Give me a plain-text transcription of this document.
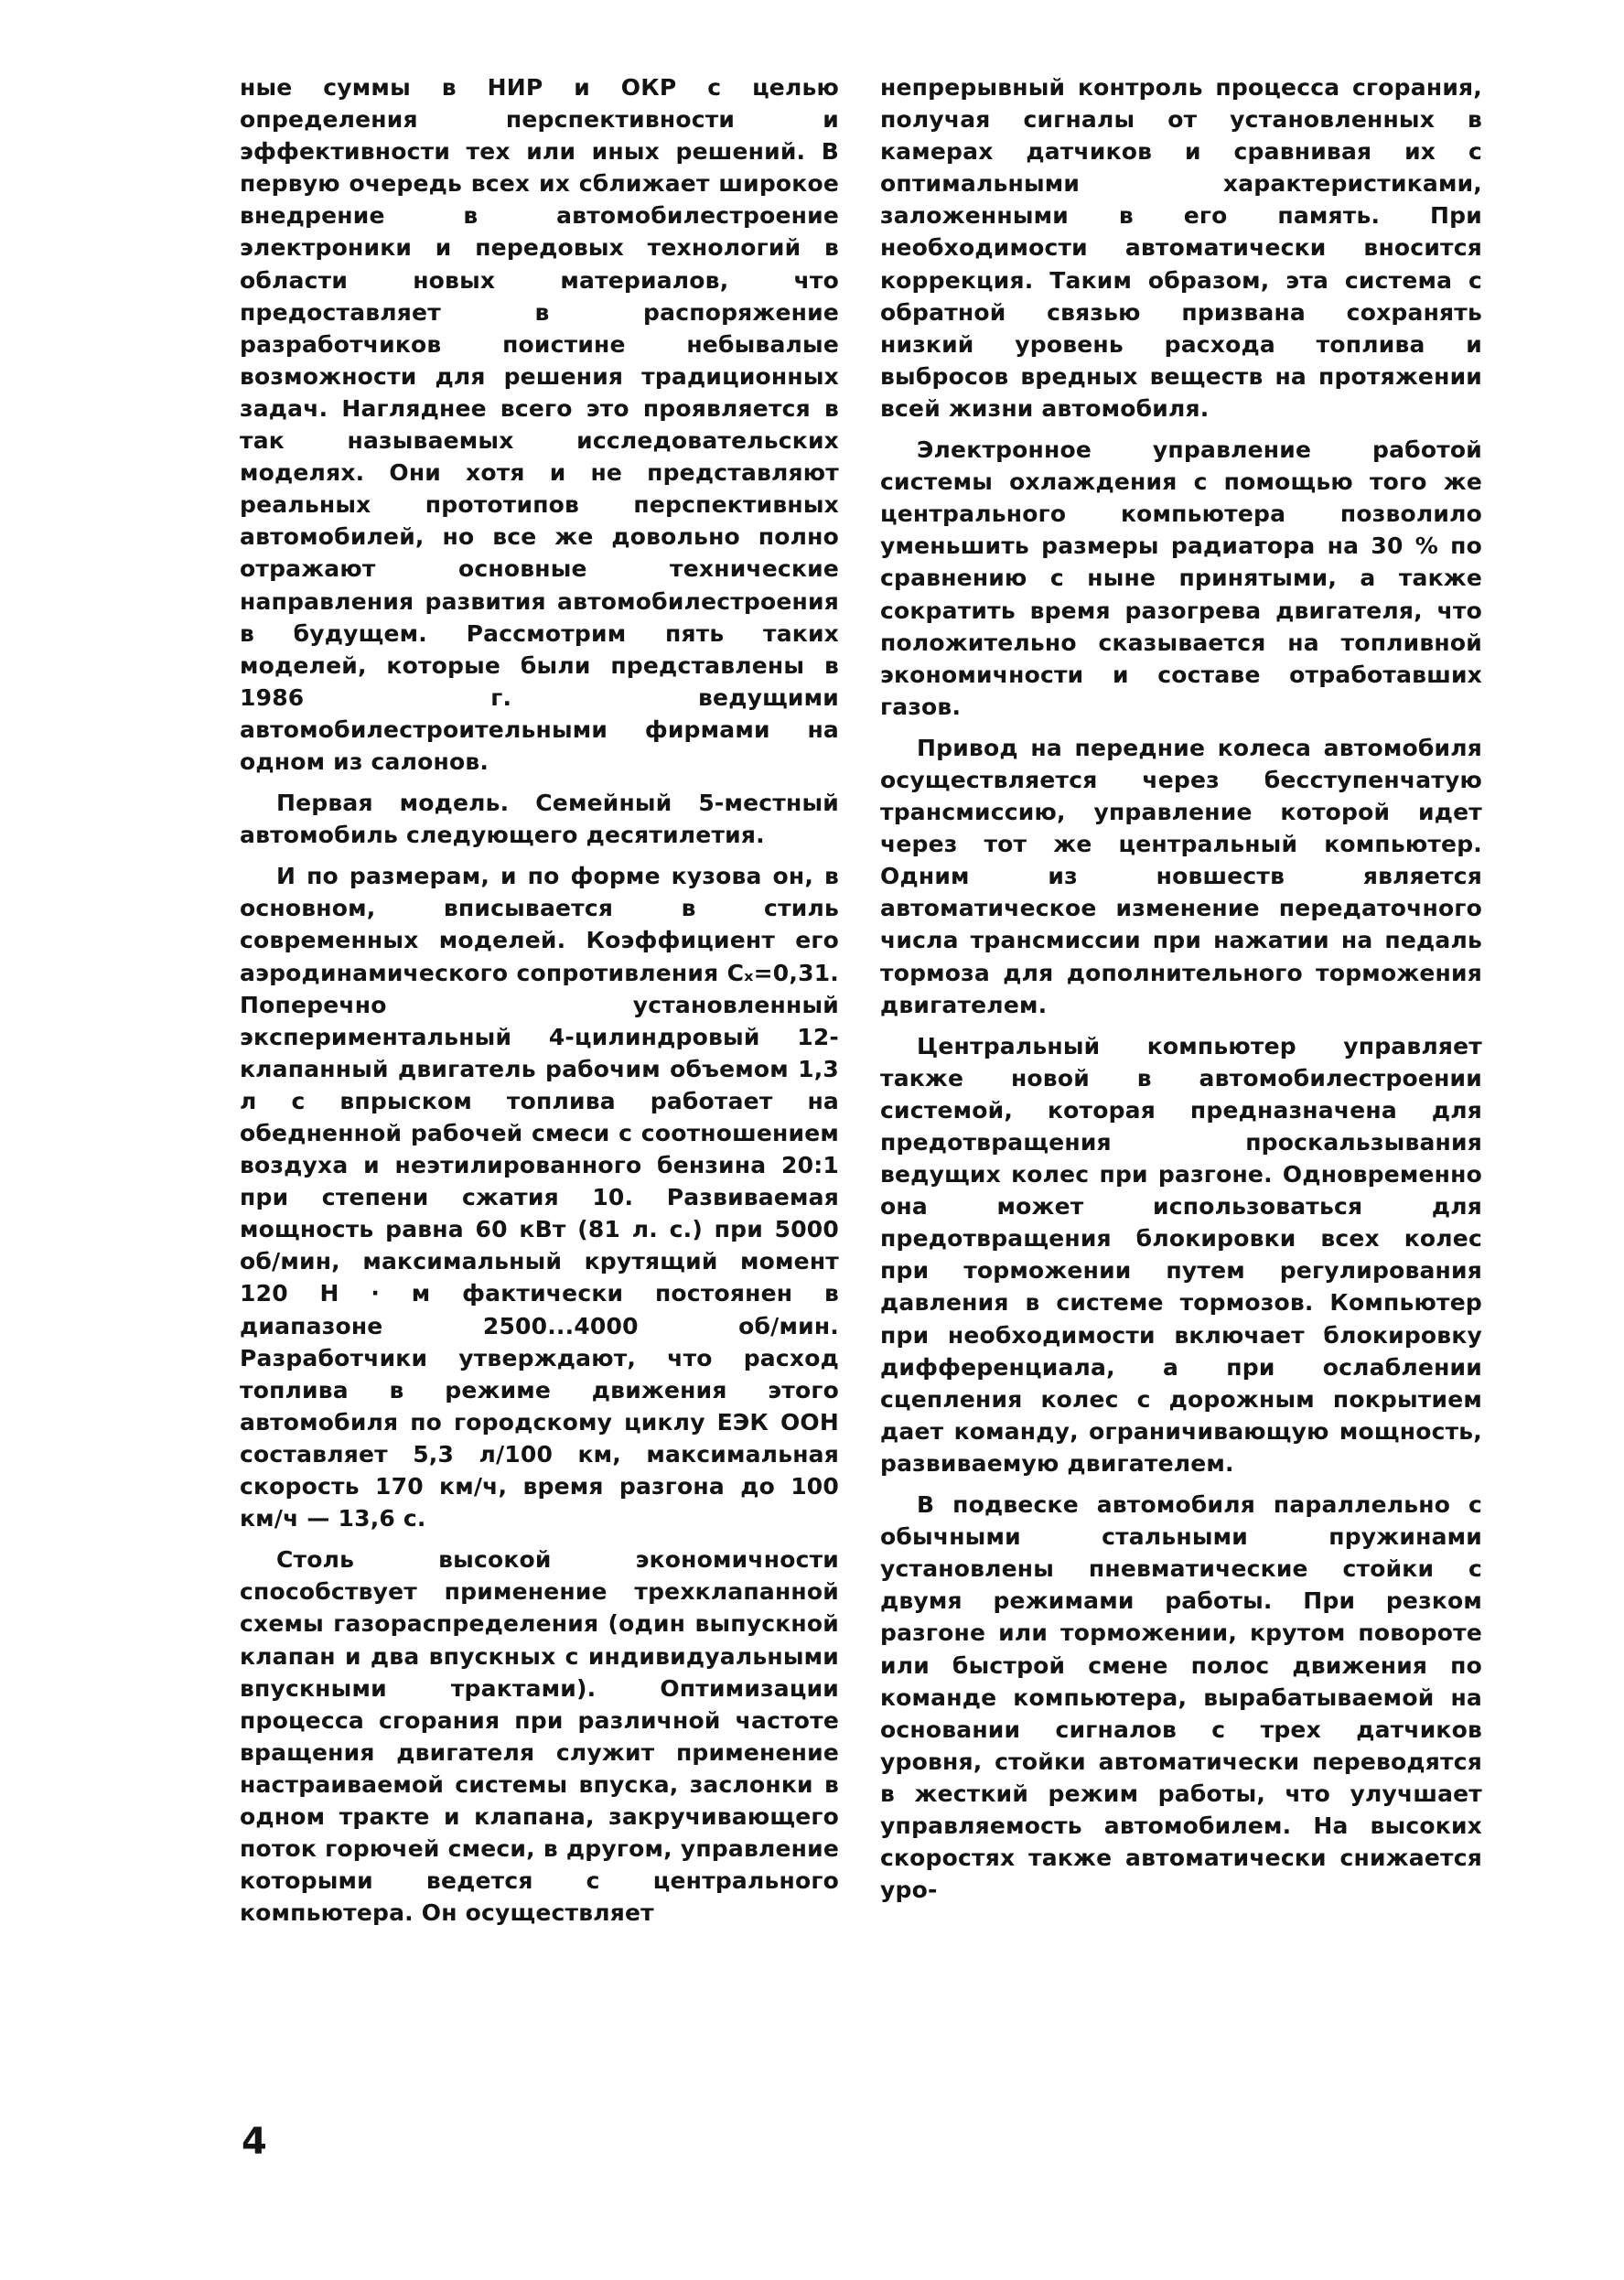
ные суммы в НИР и ОКР с целью определения перспективности и эффективности тех или иных решений. В первую очередь всех их сближает широкое внедрение в автомобилестроение электроники и передовых технологий в области новых материалов, что предоставляет в распоряжение разработчиков поистине небывалые возможности для решения традиционных задач. Нагляднее всего это проявляется в так называемых исследовательских моделях. Они хотя и не представляют реальных прототипов перспективных автомобилей, но все же довольно полно отражают основные технические направления развития автомобилестроения в будущем. Рассмотрим пять таких моделей, которые были представлены в 1986 г. ведущими автомобилестроительными фирмами на одном из салонов.

Первая модель. Семейный 5-местный автомобиль следующего десятилетия.

И по размерам, и по форме кузова он, в основном, вписывается в стиль современных моделей. Коэффициент его аэродинамического сопротивления Cₓ=0,31. Поперечно установленный экспериментальный 4-цилиндровый 12-клапанный двигатель рабочим объемом 1,3 л с впрыском топлива работает на обедненной рабочей смеси с соотношением воздуха и неэтилированного бензина 20:1 при степени сжатия 10. Развиваемая мощность равна 60 кВт (81 л. с.) при 5000 об/мин, максимальный крутящий момент 120 Н · м фактически постоянен в диапазоне 2500...4000 об/мин. Разработчики утверждают, что расход топлива в режиме движения этого автомобиля по городскому циклу ЕЭК ООН составляет 5,3 л/100 км, максимальная скорость 170 км/ч, время разгона до 100 км/ч — 13,6 с.

Столь высокой экономичности способствует применение трехклапанной схемы газораспределения (один выпускной клапан и два впускных с индивидуальными впускными трактами). Оптимизации процесса сгорания при различной частоте вращения двигателя служит применение настраиваемой системы впуска, заслонки в одном тракте и клапана, закручивающего поток горючей смеси, в другом, управление которыми ведется с центрального компьютера. Он осуществляет

непрерывный контроль процесса сгорания, получая сигналы от установленных в камерах датчиков и сравнивая их с оптимальными характеристиками, заложенными в его память. При необходимости автоматически вносится коррекция. Таким образом, эта система с обратной связью призвана сохранять низкий уровень расхода топлива и выбросов вредных веществ на протяжении всей жизни автомобиля.

Электронное управление работой системы охлаждения с помощью того же центрального компьютера позволило уменьшить размеры радиатора на 30 % по сравнению с ныне принятыми, а также сократить время разогрева двигателя, что положительно сказывается на топливной экономичности и составе отработавших газов.

Привод на передние колеса автомобиля осуществляется через бесступенчатую трансмиссию, управление которой идет через тот же центральный компьютер. Одним из новшеств является автоматическое изменение передаточного числа трансмиссии при нажатии на педаль тормоза для дополнительного торможения двигателем.

Центральный компьютер управляет также новой в автомобилестроении системой, которая предназначена для предотвращения проскальзывания ведущих колес при разгоне. Одновременно она может использоваться для предотвращения блокировки всех колес при торможении путем регулирования давления в системе тормозов. Компьютер при необходимости включает блокировку дифференциала, а при ослаблении сцепления колес с дорожным покрытием дает команду, ограничивающую мощность, развиваемую двигателем.

В подвеске автомобиля параллельно с обычными стальными пружинами установлены пневматические стойки с двумя режимами работы. При резком разгоне или торможении, крутом повороте или быстрой смене полос движения по команде компьютера, вырабатываемой на основании сигналов с трех датчиков уровня, стойки автоматически переводятся в жесткий режим работы, что улучшает управляемость автомобилем. На высоких скоростях также автоматически снижается уро-

4
